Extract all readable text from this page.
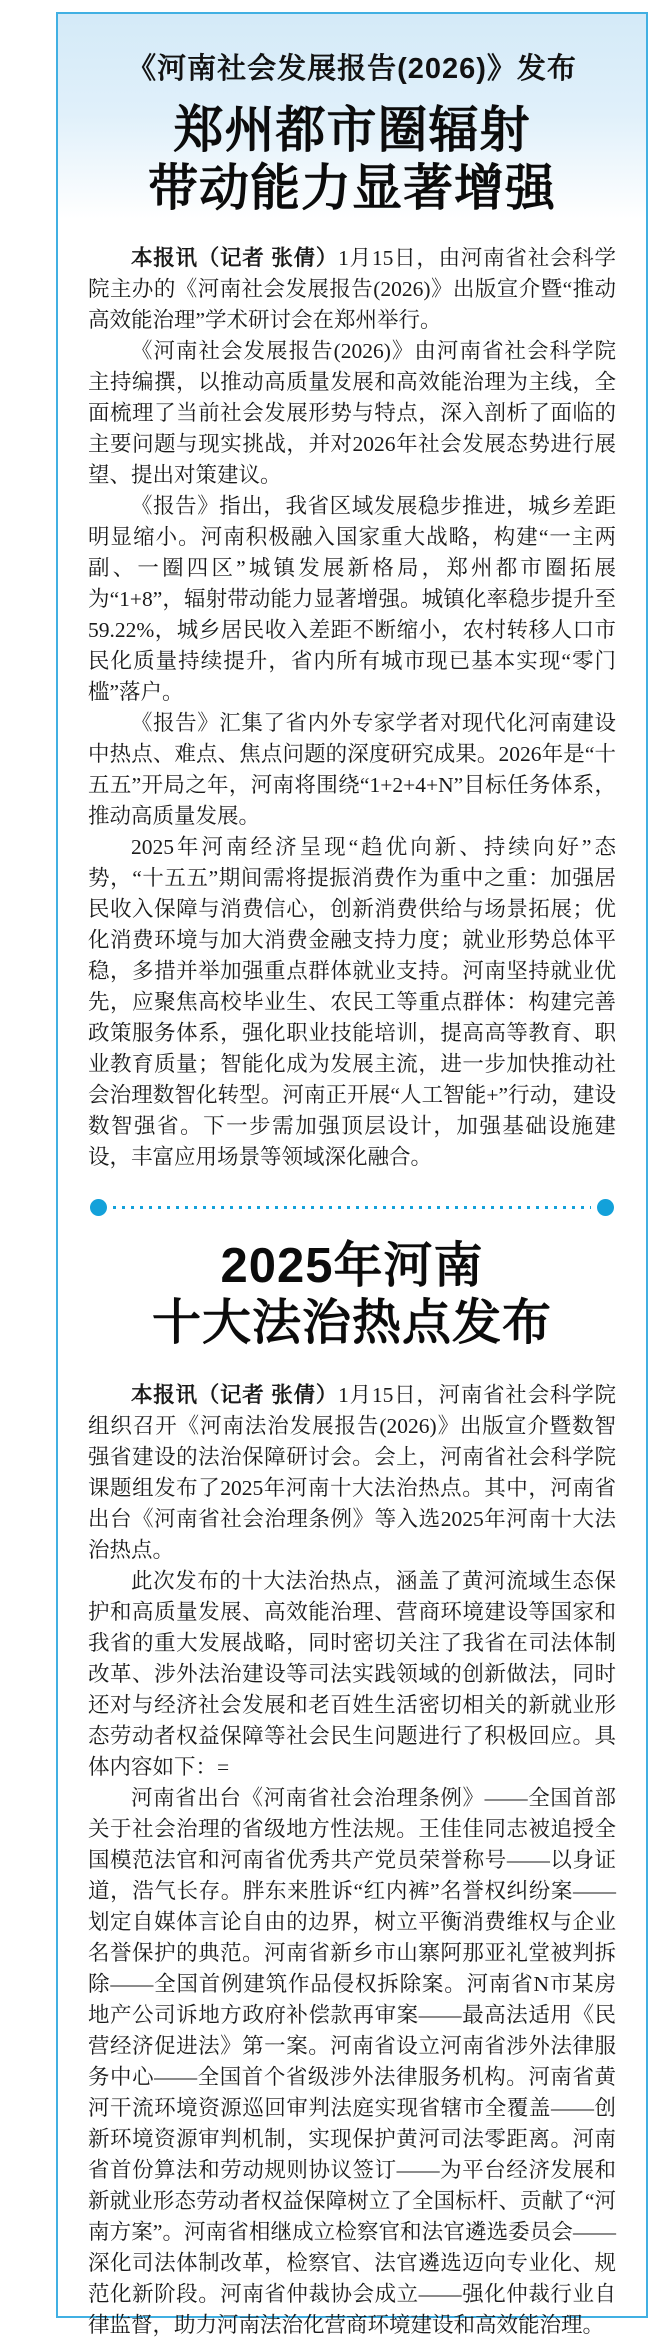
《河南社会发展报告(2026)》发布
郑州都市圈辐射
带动能力显著增强

本报讯（记者 张倩）1月15日，由河南省社会科学院主办的《河南社会发展报告(2026)》出版宣介暨“推动高效能治理”学术研讨会在郑州举行。

《河南社会发展报告(2026)》由河南省社会科学院主持编撰，以推动高质量发展和高效能治理为主线，全面梳理了当前社会发展形势与特点，深入剖析了面临的主要问题与现实挑战，并对2026年社会发展态势进行展望、提出对策建议。

《报告》指出，我省区域发展稳步推进，城乡差距明显缩小。河南积极融入国家重大战略，构建“一主两副、一圈四区”城镇发展新格局，郑州都市圈拓展为“1+8”，辐射带动能力显著增强。城镇化率稳步提升至59.22%，城乡居民收入差距不断缩小，农村转移人口市民化质量持续提升，省内所有城市现已基本实现“零门槛”落户。

《报告》汇集了省内外专家学者对现代化河南建设中热点、难点、焦点问题的深度研究成果。2026年是“十五五”开局之年，河南将围绕“1+2+4+N”目标任务体系，推动高质量发展。

2025年河南经济呈现“趋优向新、持续向好”态势，“十五五”期间需将提振消费作为重中之重：加强居民收入保障与消费信心，创新消费供给与场景拓展；优化消费环境与加大消费金融支持力度；就业形势总体平稳，多措并举加强重点群体就业支持。河南坚持就业优先，应聚焦高校毕业生、农民工等重点群体：构建完善政策服务体系，强化职业技能培训，提高高等教育、职业教育质量；智能化成为发展主流，进一步加快推动社会治理数智化转型。河南正开展“人工智能+”行动，建设数智强省。下一步需加强顶层设计，加强基础设施建设，丰富应用场景等领域深化融合。

2025年河南
十大法治热点发布

本报讯（记者 张倩）1月15日，河南省社会科学院组织召开《河南法治发展报告(2026)》出版宣介暨数智强省建设的法治保障研讨会。会上，河南省社会科学院课题组发布了2025年河南十大法治热点。其中，河南省出台《河南省社会治理条例》等入选2025年河南十大法治热点。

此次发布的十大法治热点，涵盖了黄河流域生态保护和高质量发展、高效能治理、营商环境建设等国家和我省的重大发展战略，同时密切关注了我省在司法体制改革、涉外法治建设等司法实践领域的创新做法，同时还对与经济社会发展和老百姓生活密切相关的新就业形态劳动者权益保障等社会民生问题进行了积极回应。具体内容如下：=

河南省出台《河南省社会治理条例》——全国首部关于社会治理的省级地方性法规。王佳佳同志被追授全国模范法官和河南省优秀共产党员荣誉称号——以身证道，浩气长存。胖东来胜诉“红内裤”名誉权纠纷案——划定自媒体言论自由的边界，树立平衡消费维权与企业名誉保护的典范。河南省新乡市山寨阿那亚礼堂被判拆除——全国首例建筑作品侵权拆除案。河南省N市某房地产公司诉地方政府补偿款再审案——最高法适用《民营经济促进法》第一案。河南省设立河南省涉外法律服务中心——全国首个省级涉外法律服务机构。河南省黄河干流环境资源巡回审判法庭实现省辖市全覆盖——创新环境资源审判机制，实现保护黄河司法零距离。河南省首份算法和劳动规则协议签订——为平台经济发展和新就业形态劳动者权益保障树立了全国标杆、贡献了“河南方案”。河南省相继成立检察官和法官遴选委员会——深化司法体制改革，检察官、法官遴选迈向专业化、规范化新阶段。河南省仲裁协会成立——强化仲裁行业自律监督，助力河南法治化营商环境建设和高效能治理。
